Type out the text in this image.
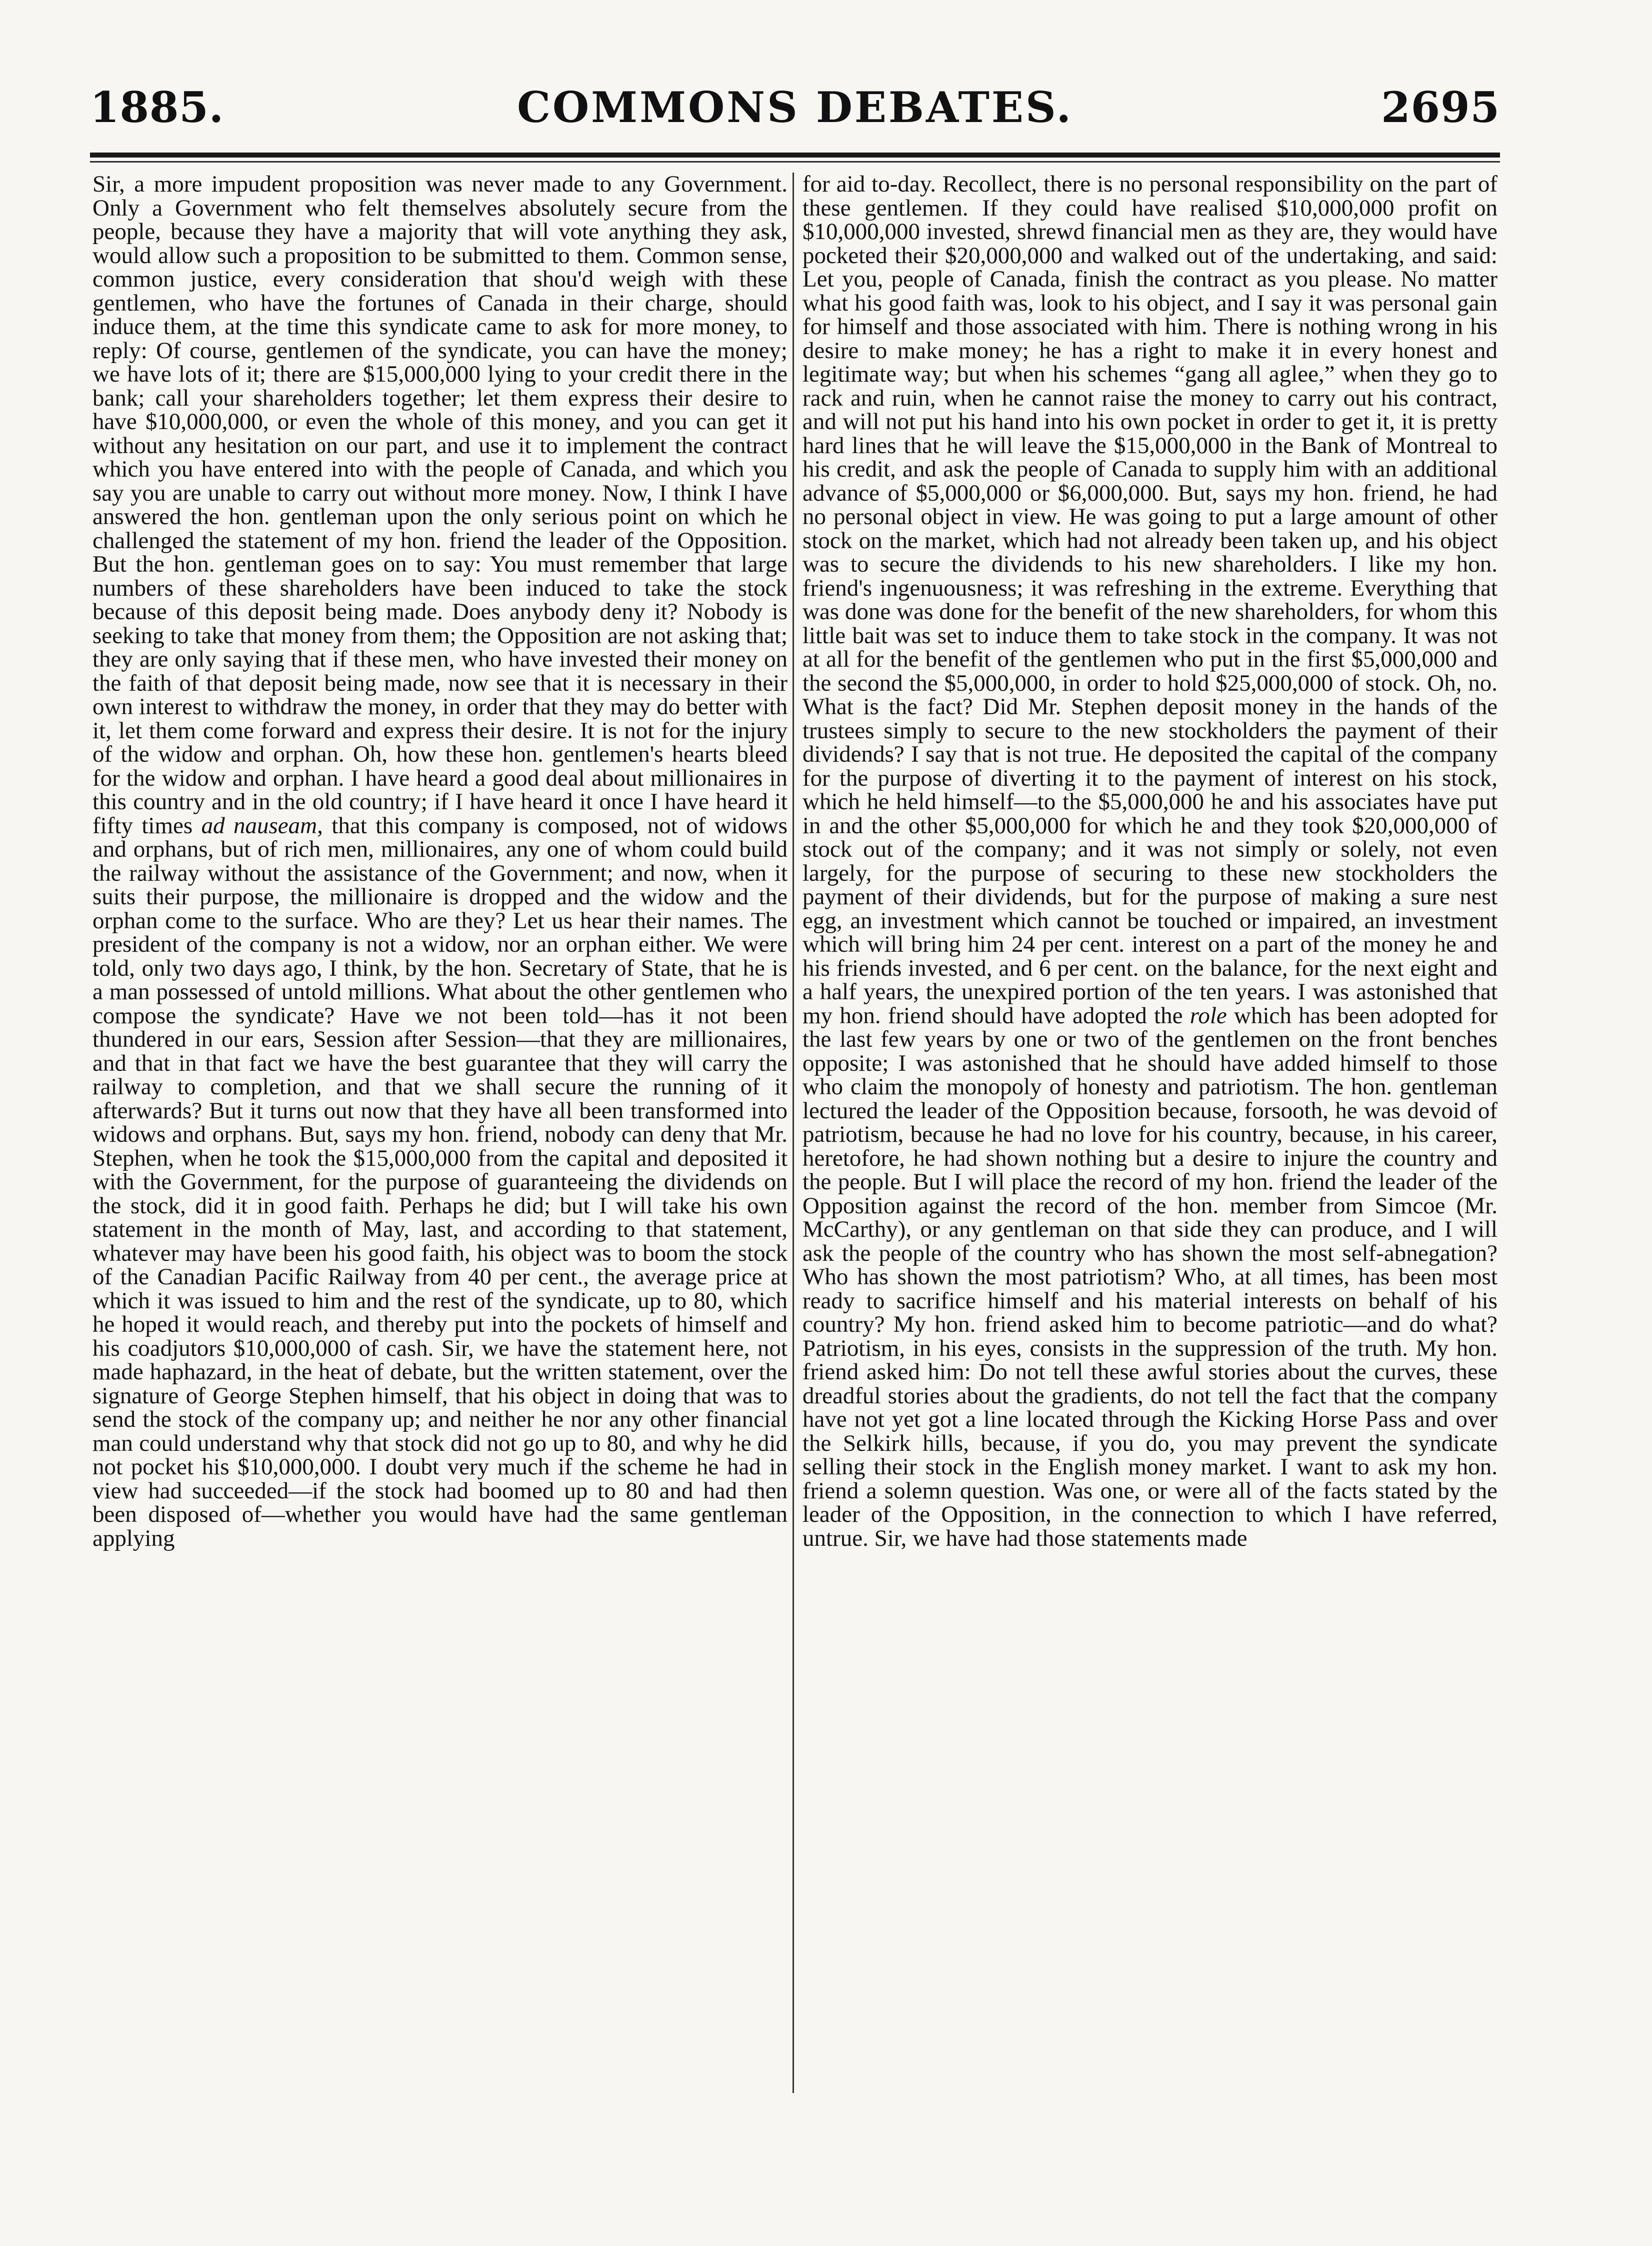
1885.	COMMONS DEBATES.	2695

Sir, a more impudent proposition was never made to any Government. Only a Government who felt themselves absolutely secure from the people, because they have a majority that will vote anything they ask, would allow such a proposition to be submitted to them. Common sense, common justice, every consideration that shou'd weigh with these gentlemen, who have the fortunes of Canada in their charge, should induce them, at the time this syndicate came to ask for more money, to reply: Of course, gentlemen of the syndicate, you can have the money; we have lots of it; there are $15,000,000 lying to your credit there in the bank; call your shareholders together; let them express their desire to have $10,000,000, or even the whole of this money, and you can get it without any hesitation on our part, and use it to implement the contract which you have entered into with the people of Canada, and which you say you are unable to carry out without more money. Now, I think I have answered the hon. gentleman upon the only serious point on which he challenged the statement of my hon. friend the leader of the Opposition. But the hon. gentleman goes on to say: You must remember that large numbers of these shareholders have been induced to take the stock because of this deposit being made. Does anybody deny it? Nobody is seeking to take that money from them; the Opposition are not asking that; they are only saying that if these men, who have invested their money on the faith of that deposit being made, now see that it is necessary in their own interest to withdraw the money, in order that they may do better with it, let them come forward and express their desire. It is not for the injury of the widow and orphan. Oh, how these hon. gentlemen's hearts bleed for the widow and orphan. I have heard a good deal about millionaires in this country and in the old country; if I have heard it once I have heard it fifty times ad nauseam, that this company is composed, not of widows and orphans, but of rich men, millionaires, any one of whom could build the railway without the assistance of the Government; and now, when it suits their purpose, the millionaire is dropped and the widow and the orphan come to the surface. Who are they? Let us hear their names. The president of the company is not a widow, nor an orphan either. We were told, only two days ago, I think, by the hon. Secretary of State, that he is a man possessed of untold millions. What about the other gentlemen who compose the syndicate? Have we not been told—has it not been thundered in our ears, Session after Session—that they are millionaires, and that in that fact we have the best guarantee that they will carry the railway to completion, and that we shall secure the running of it afterwards? But it turns out now that they have all been transformed into widows and orphans. But, says my hon. friend, nobody can deny that Mr. Stephen, when he took the $15,000,000 from the capital and deposited it with the Government, for the purpose of guaranteeing the dividends on the stock, did it in good faith. Perhaps he did; but I will take his own statement in the month of May, last, and according to that statement, whatever may have been his good faith, his object was to boom the stock of the Canadian Pacific Railway from 40 per cent., the average price at which it was issued to him and the rest of the syndicate, up to 80, which he hoped it would reach, and thereby put into the pockets of himself and his coadjutors $10,000,000 of cash. Sir, we have the statement here, not made haphazard, in the heat of debate, but the written statement, over the signature of George Stephen himself, that his object in doing that was to send the stock of the company up; and neither he nor any other financial man could understand why that stock did not go up to 80, and why he did not pocket his $10,000,000. I doubt very much if the scheme he had in view had succeeded—if the stock had boomed up to 80 and had then been disposed of—whether you would have had the same gentleman applying

for aid to-day. Recollect, there is no personal responsibility on the part of these gentlemen. If they could have realised $10,000,000 profit on $10,000,000 invested, shrewd financial men as they are, they would have pocketed their $20,000,000 and walked out of the undertaking, and said: Let you, people of Canada, finish the contract as you please. No matter what his good faith was, look to his object, and I say it was personal gain for himself and those associated with him. There is nothing wrong in his desire to make money; he has a right to make it in every honest and legitimate way; but when his schemes “gang all aglee,” when they go to rack and ruin, when he cannot raise the money to carry out his contract, and will not put his hand into his own pocket in order to get it, it is pretty hard lines that he will leave the $15,000,000 in the Bank of Montreal to his credit, and ask the people of Canada to supply him with an additional advance of $5,000,000 or $6,000,000. But, says my hon. friend, he had no personal object in view. He was going to put a large amount of other stock on the market, which had not already been taken up, and his object was to secure the dividends to his new shareholders. I like my hon. friend's ingenuousness; it was refreshing in the extreme. Everything that was done was done for the benefit of the new shareholders, for whom this little bait was set to induce them to take stock in the company. It was not at all for the benefit of the gentlemen who put in the first $5,000,000 and the second the $5,000,000, in order to hold $25,000,000 of stock. Oh, no. What is the fact? Did Mr. Stephen deposit money in the hands of the trustees simply to secure to the new stockholders the payment of their dividends? I say that is not true. He deposited the capital of the company for the purpose of diverting it to the payment of interest on his stock, which he held himself—to the $5,000,000 he and his associates have put in and the other $5,000,000 for which he and they took $20,000,000 of stock out of the company; and it was not simply or solely, not even largely, for the purpose of securing to these new stockholders the payment of their dividends, but for the purpose of making a sure nest egg, an investment which cannot be touched or impaired, an investment which will bring him 24 per cent. interest on a part of the money he and his friends invested, and 6 per cent. on the balance, for the next eight and a half years, the unexpired portion of the ten years. I was astonished that my hon. friend should have adopted the role which has been adopted for the last few years by one or two of the gentlemen on the front benches opposite; I was astonished that he should have added himself to those who claim the monopoly of honesty and patriotism. The hon. gentleman lectured the leader of the Opposition because, forsooth, he was devoid of patriotism, because he had no love for his country, because, in his career, heretofore, he had shown nothing but a desire to injure the country and the people. But I will place the record of my hon. friend the leader of the Opposition against the record of the hon. member from Simcoe (Mr. McCarthy), or any gentleman on that side they can produce, and I will ask the people of the country who has shown the most self-abnegation? Who has shown the most patriotism? Who, at all times, has been most ready to sacrifice himself and his material interests on behalf of his country? My hon. friend asked him to become patriotic—and do what? Patriotism, in his eyes, consists in the suppression of the truth. My hon. friend asked him: Do not tell these awful stories about the curves, these dreadful stories about the gradients, do not tell the fact that the company have not yet got a line located through the Kicking Horse Pass and over the Selkirk hills, because, if you do, you may prevent the syndicate selling their stock in the English money market. I want to ask my hon. friend a solemn question. Was one, or were all of the facts stated by the leader of the Opposition, in the connection to which I have referred, untrue. Sir, we have had those statements made
